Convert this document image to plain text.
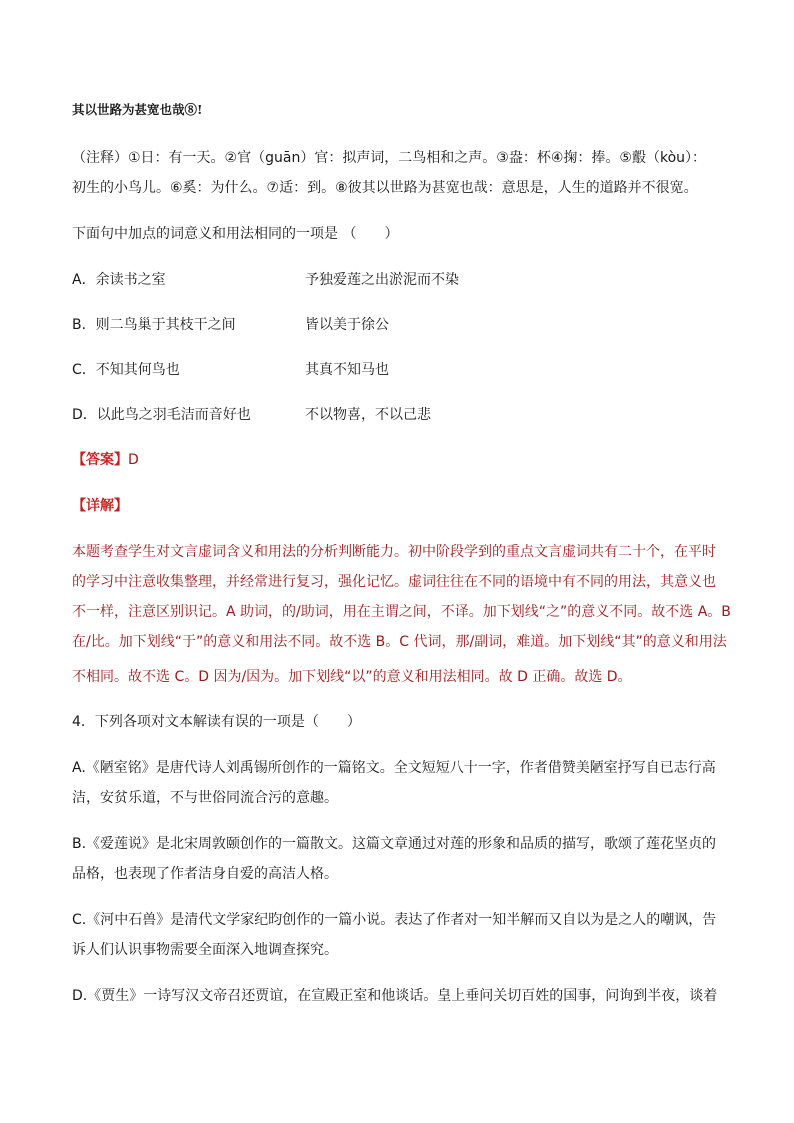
其以世路为甚宽也哉⑧!
（注释）①日：有一天。②官（guān）官：拟声词，二鸟相和之声。③盎：杯④掬：捧。⑤鷇（kòu）：
初生的小鸟儿。⑥奚：为什么。⑦适：到。⑧彼其以世路为甚宽也哉：意思是，人生的道路并不很宽。
下面句中加点的词意义和用法相同的一项是 （　　）
A．余读书之室	予独爱莲之出淤泥而不染
B．则二鸟巢于其枝干之间	皆以美于徐公
C．不知其何鸟也	其真不知马也
D．以此鸟之羽毛洁而音好也	不以物喜，不以己悲
【答案】D
【详解】
本题考查学生对文言虚词含义和用法的分析判断能力。初中阶段学到的重点文言虚词共有二十个，在平时
的学习中注意收集整理，并经常进行复习，强化记忆。虚词往往在不同的语境中有不同的用法，其意义也
不一样，注意区别识记。A 助词，的/助词，用在主谓之间，不译。加下划线“之”的意义不同。故不选 A。B
在/比。加下划线“于”的意义和用法不同。故不选 B。C 代词，那/副词，难道。加下划线“其”的意义和用法
不相同。故不选 C。D 因为/因为。加下划线“以”的意义和用法相同。故 D 正确。故选 D。
4．下列各项对文本解读有误的一项是（　　）
A.《陋室铭》是唐代诗人刘禹锡所创作的一篇铭文。全文短短八十一字，作者借赞美陋室抒写自已志行高
洁，安贫乐道，不与世俗同流合污的意趣。
B.《爱莲说》是北宋周敦颐创作的一篇散文。这篇文章通过对莲的形象和品质的描写，歌颂了莲花坚贞的
品格，也表现了作者洁身自爱的高洁人格。
C.《河中石兽》是清代文学家纪昀创作的一篇小说。表达了作者对一知半解而又自以为是之人的嘲讽，告
诉人们认识事物需要全面深入地调查探究。
D.《贾生》一诗写汉文帝召还贾谊，在宣殿正室和他谈话。皇上垂问关切百姓的国事，问询到半夜，谈着
